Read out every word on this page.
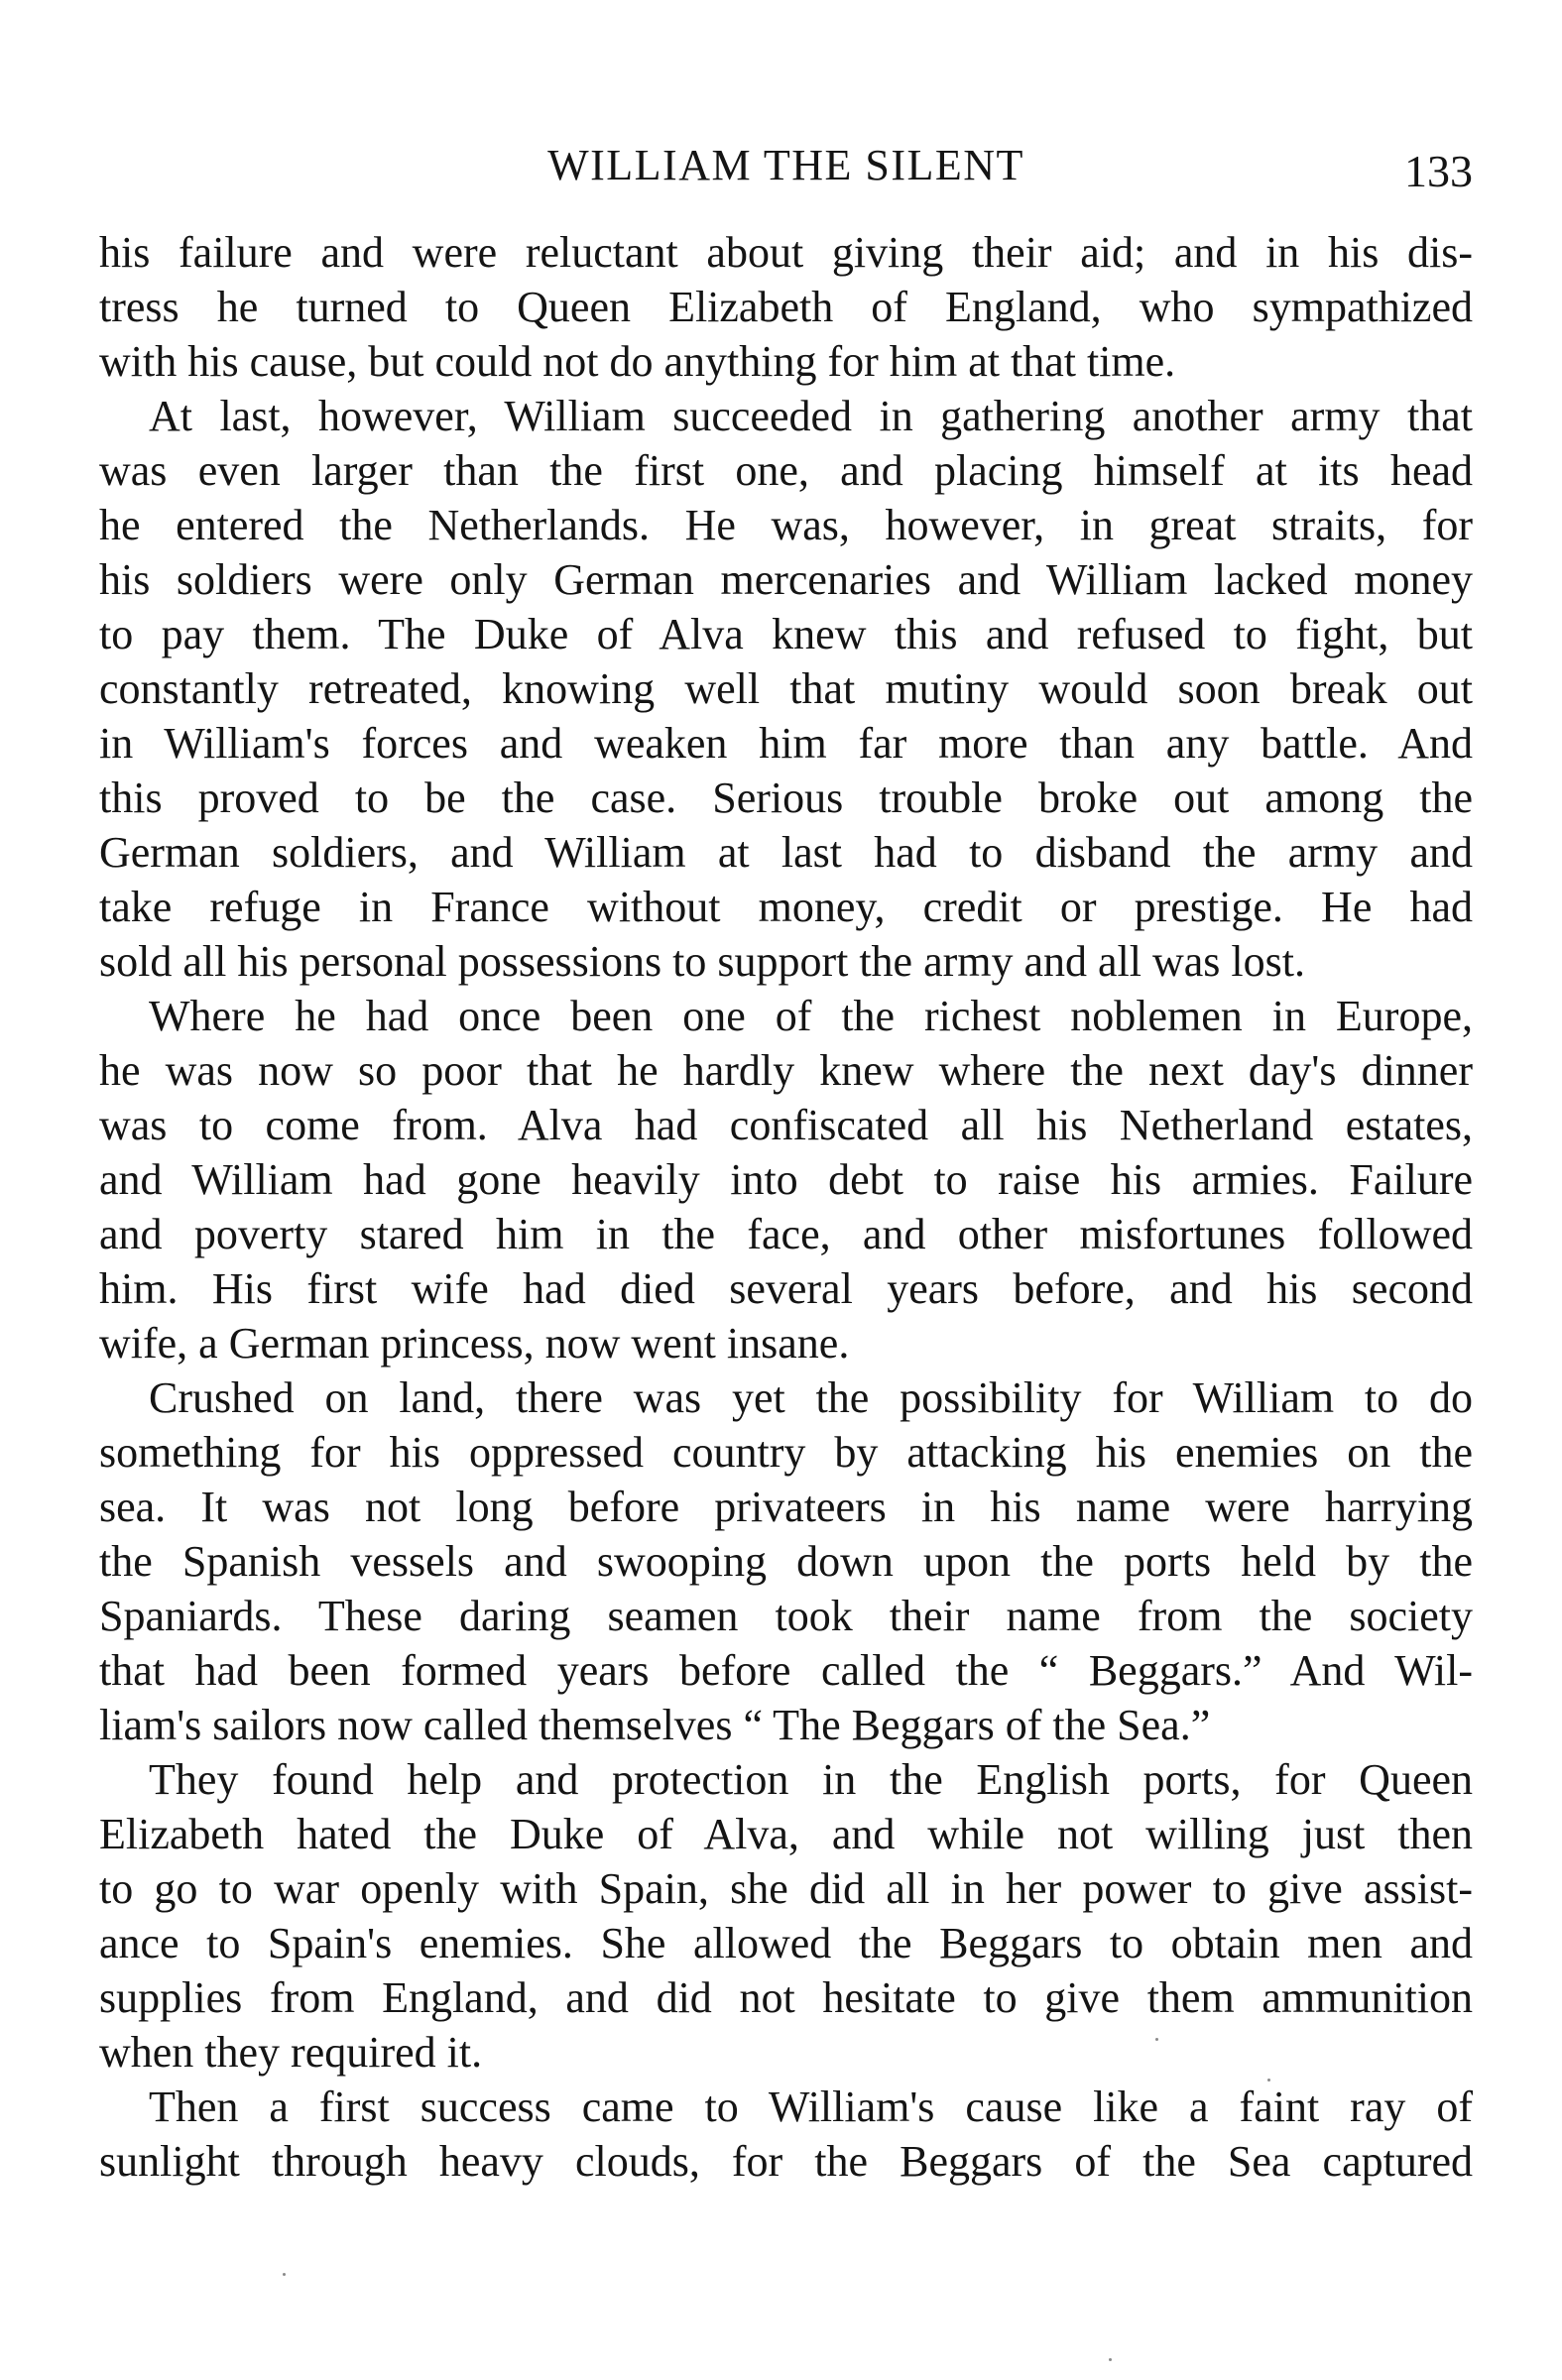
WILLIAM THE SILENT	133
his failure and were reluctant about giving their aid; and in his dis-
tress he turned to Queen Elizabeth of England, who sympathized
with his cause, but could not do anything for him at that time.
At last, however, William succeeded in gathering another army that
was even larger than the first one, and placing himself at its head
he entered the Netherlands. He was, however, in great straits, for
his soldiers were only German mercenaries and William lacked money
to pay them. The Duke of Alva knew this and refused to fight, but
constantly retreated, knowing well that mutiny would soon break out
in William's forces and weaken him far more than any battle. And
this proved to be the case. Serious trouble broke out among the
German soldiers, and William at last had to disband the army and
take refuge in France without money, credit or prestige. He had
sold all his personal possessions to support the army and all was lost.
Where he had once been one of the richest noblemen in Europe,
he was now so poor that he hardly knew where the next day's dinner
was to come from. Alva had confiscated all his Netherland estates,
and William had gone heavily into debt to raise his armies. Failure
and poverty stared him in the face, and other misfortunes followed
him. His first wife had died several years before, and his second
wife, a German princess, now went insane.
Crushed on land, there was yet the possibility for William to do
something for his oppressed country by attacking his enemies on the
sea. It was not long before privateers in his name were harrying
the Spanish vessels and swooping down upon the ports held by the
Spaniards. These daring seamen took their name from the society
that had been formed years before called the “ Beggars.” And Wil-
liam's sailors now called themselves “ The Beggars of the Sea.”
They found help and protection in the English ports, for Queen
Elizabeth hated the Duke of Alva, and while not willing just then
to go to war openly with Spain, she did all in her power to give assist-
ance to Spain's enemies. She allowed the Beggars to obtain men and
supplies from England, and did not hesitate to give them ammunition
when they required it.
Then a first success came to William's cause like a faint ray of
sunlight through heavy clouds, for the Beggars of the Sea captured
